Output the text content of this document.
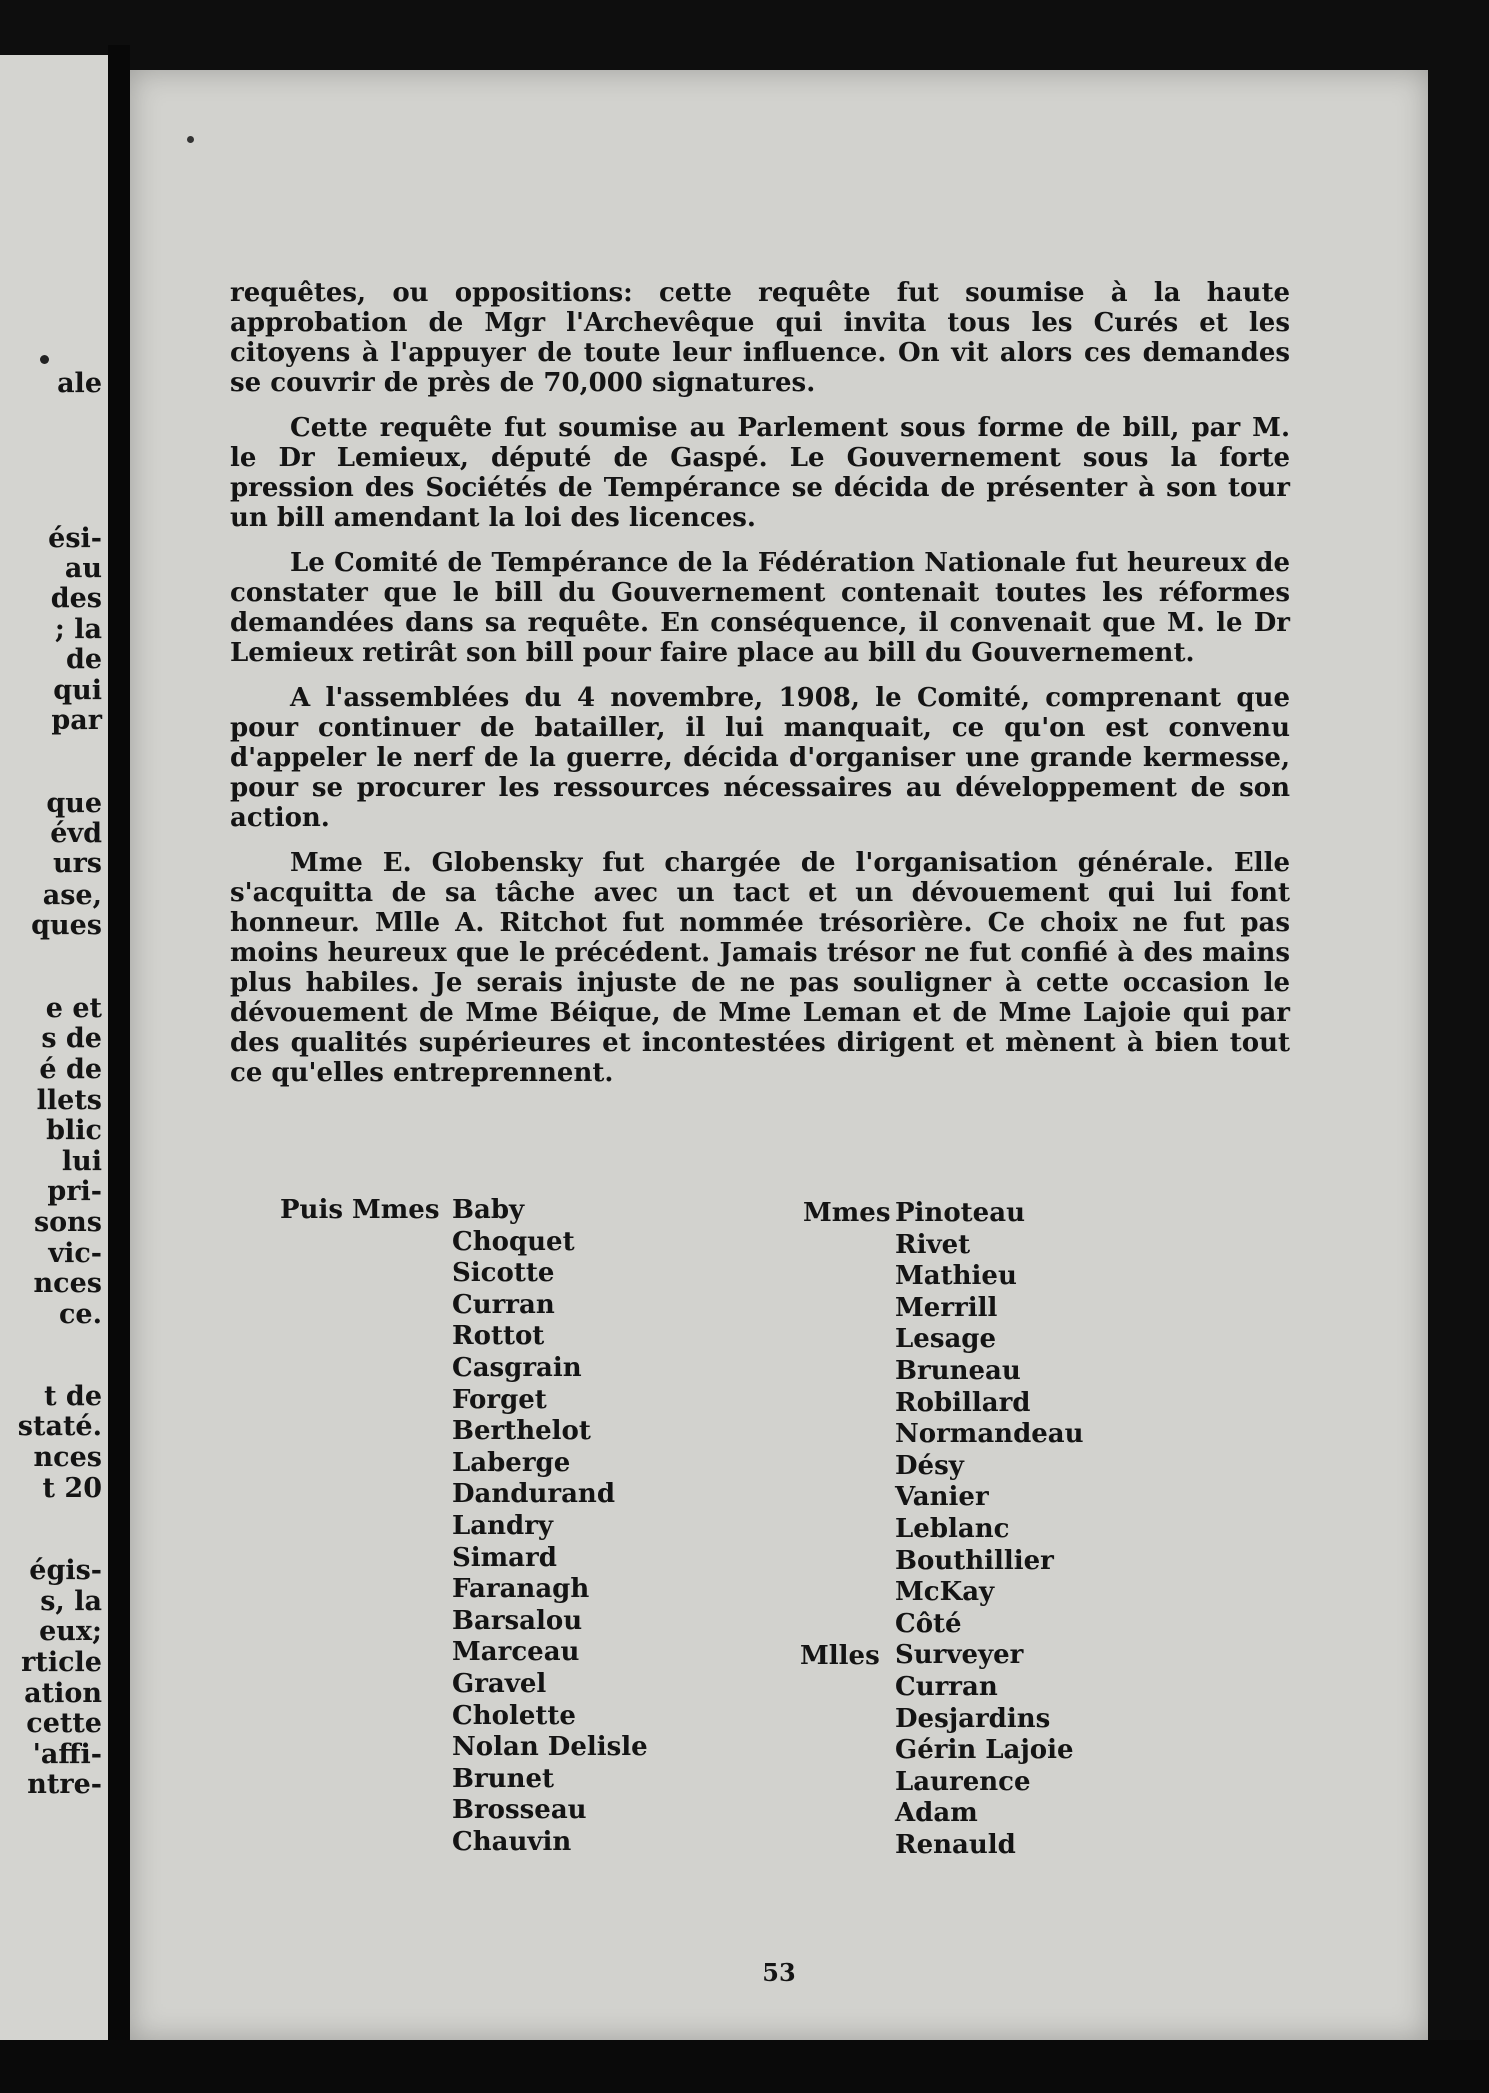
ale
ési-
au
des
; la
de
qui
par
que
évd
urs
ase,
ques
e et
s de
é de
llets
blic
lui
pri-
sons
vic-
nces
ce.
t de
staté.
nces
t 20
égis-
s, la
eux;
rticle
ation
cette
'affi-
ntre-

requêtes, ou oppositions: cette requête fut soumise à la haute approbation de Mgr l'Archevêque qui invita tous les Curés et les citoyens à l'appuyer de toute leur influence. On vit alors ces demandes se couvrir de près de 70,000 signatures.

Cette requête fut soumise au Parlement sous forme de bill, par M. le Dr Lemieux, député de Gaspé. Le Gouvernement sous la forte pression des Sociétés de Tempérance se décida de présenter à son tour un bill amendant la loi des licences.

Le Comité de Tempérance de la Fédération Nationale fut heureux de constater que le bill du Gouvernement contenait toutes les réformes demandées dans sa requête. En conséquence, il convenait que M. le Dr Lemieux retirât son bill pour faire place au bill du Gouvernement.

A l'assemblées du 4 novembre, 1908, le Comité, comprenant que pour continuer de batailler, il lui manquait, ce qu'on est convenu d'appeler le nerf de la guerre, décida d'organiser une grande kermesse, pour se procurer les ressources nécessaires au développement de son action.

Mme E. Globensky fut chargée de l'organisation générale. Elle s'acquitta de sa tâche avec un tact et un dévouement qui lui font honneur. Mlle A. Ritchot fut nommée trésorière. Ce choix ne fut pas moins heureux que le précédent. Jamais trésor ne fut confié à des mains plus habiles. Je serais injuste de ne pas souligner à cette occasion le dévouement de Mme Béique, de Mme Leman et de Mme Lajoie qui par des qualités supérieures et incontestées dirigent et mènent à bien tout ce qu'elles entreprennent.

Puis Mmes Baby
Choquet
Sicotte
Curran
Rottot
Casgrain
Forget
Berthelot
Laberge
Dandurand
Landry
Simard
Faranagh
Barsalou
Marceau
Gravel
Cholette
Nolan Delisle
Brunet
Brosseau
Chauvin
Mmes
Mlles
Pinoteau
Rivet
Mathieu
Merrill
Lesage
Bruneau
Robillard
Normandeau
Désy
Vanier
Leblanc
Bouthillier
McKay
Côté
Surveyer
Curran
Desjardins
Gérin Lajoie
Laurence
Adam
Renauld
53
